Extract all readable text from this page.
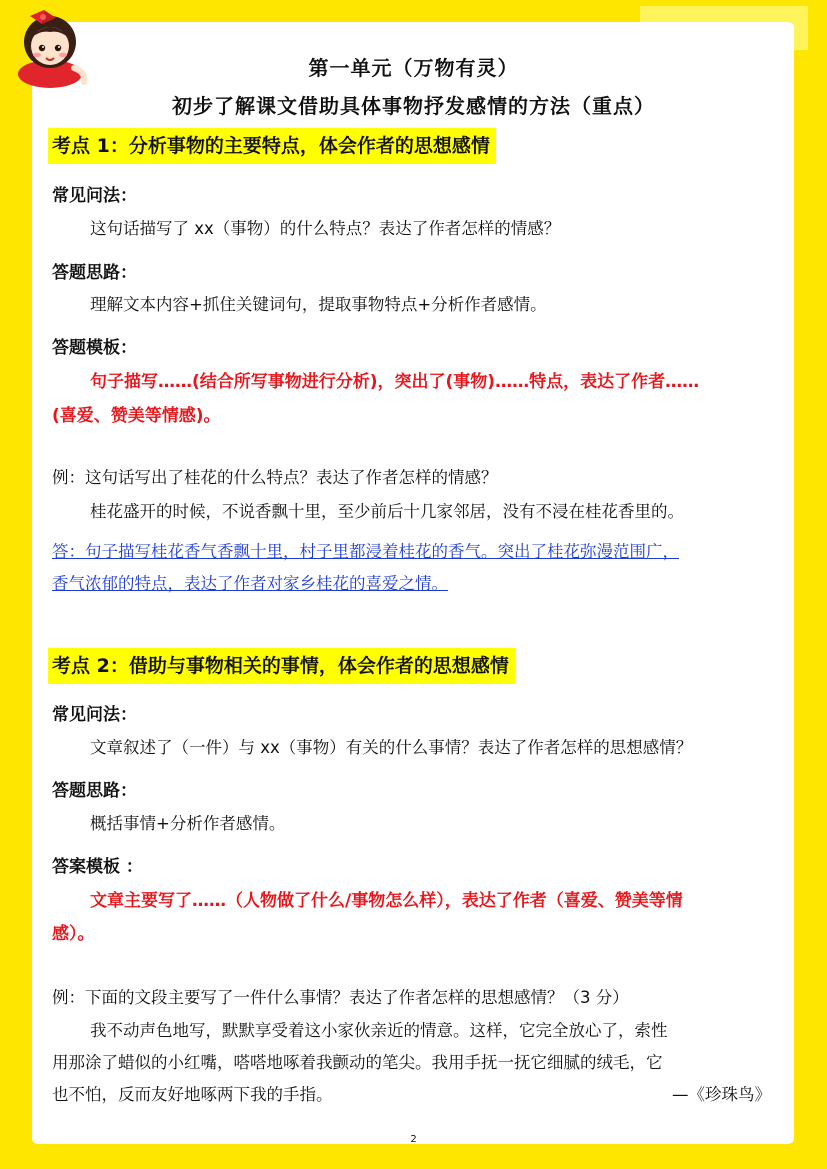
第一单元（万物有灵）
初步了解课文借助具体事物抒发感情的方法（重点）
考点 1：分析事物的主要特点，体会作者的思想感情
常见问法：
这句话描写了 xx（事物）的什么特点？表达了作者怎样的情感？
答题思路：
理解文本内容+抓住关键词句，提取事物特点+分析作者感情。
答题模板：
句子描写……(结合所写事物进行分析)，突出了(事物)……特点，表达了作者……
(喜爱、赞美等情感)。
例：这句话写出了桂花的什么特点？表达了作者怎样的情感？
桂花盛开的时候，不说香飘十里，至少前后十几家邻居，没有不浸在桂花香里的。
答：句子描写桂花香气香飘十里，村子里都浸着桂花的香气。突出了桂花弥漫范围广，
香气浓郁的特点，表达了作者对家乡桂花的喜爱之情。
考点 2：借助与事物相关的事情，体会作者的思想感情
常见问法：
文章叙述了（一件）与 xx（事物）有关的什么事情？表达了作者怎样的思想感情？
答题思路：
概括事情+分析作者感情。
答案模板 ：
文章主要写了……（人物做了什么/事物怎么样），表达了作者（喜爱、赞美等情
感）。
例：下面的文段主要写了一件什么事情？表达了作者怎样的思想感情？（3 分）
我不动声色地写，默默享受着这小家伙亲近的情意。这样，它完全放心了，索性
用那涂了蜡似的小红嘴，嗒嗒地啄着我颤动的笔尖。我用手抚一抚它细腻的绒毛，它
也不怕，反而友好地啄两下我的手指。	—《珍珠鸟》
2
